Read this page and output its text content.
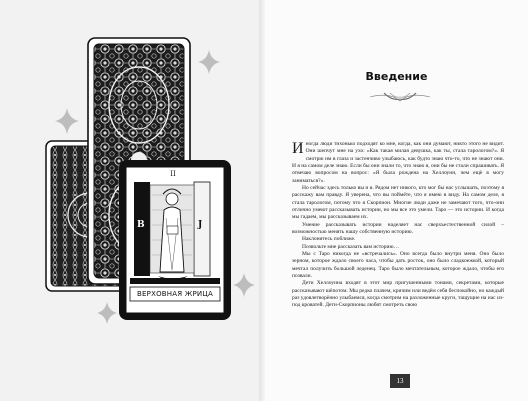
II
B	J
ВЕРХОВНАЯ ЖРИЦА
Введение

Иногда люди тихонько подходят ко мне, когда, как они думают, никто этого не видит. Они шепчут мне на ухо: «Как такая милая девушка, как ты, стала тарологом?». Я смотрю им в глаза и застенчиво улыбаюсь, как будто знаю что-то, что не знают они. И я на самом деле знаю. Если бы они знали то, что знаю я, они бы не стали спрашивать. Я отвечаю вопросом на вопрос: «Я была рождена на Хеллоуин, чем ещё я могу заниматься?».

Но сейчас здесь только вы и я. Рядом нет никого, кто мог бы нас услышать, поэтому я расскажу вам правду. Я уверена, что вы поймёте, что я имею в виду. На самом деле, я стала тарологом, потому что я Скорпион. Многие люди даже не замечают того, что-они отлично умеют рассказывать истории, но мы все это умели. Таро — это истории. И когда мы гадаем, мы рассказываем их.

Умение рассказывать истории наделяет нас сверхъестественной силой – возможностью менять нашу собственную историю.

Наклонитесь поближе.

Позвольте мне рассказать вам историю…

Мы с Таро никогда не «встречались». Оно всегда было внутри меня. Оно было зерном, которое ждало своего часа, чтобы дать росток, оно было сладкоежкой, который мечтал получить большой леденец. Таро было мечтательным, которое ждало, чтобы его позвали.

Дети Хеллоуина входят в этот мир пригушенными тонами, секретами, которые рассказывают шёпотом. Мы редко плачем, кричим или ведём себя беспокойно, но каждый раз удовлетворённо улыбаемся, когда смотрим на разложенные круги, тащущие на нас из-под кроватей. Дети-Скорпионы любят смотреть свою

13
